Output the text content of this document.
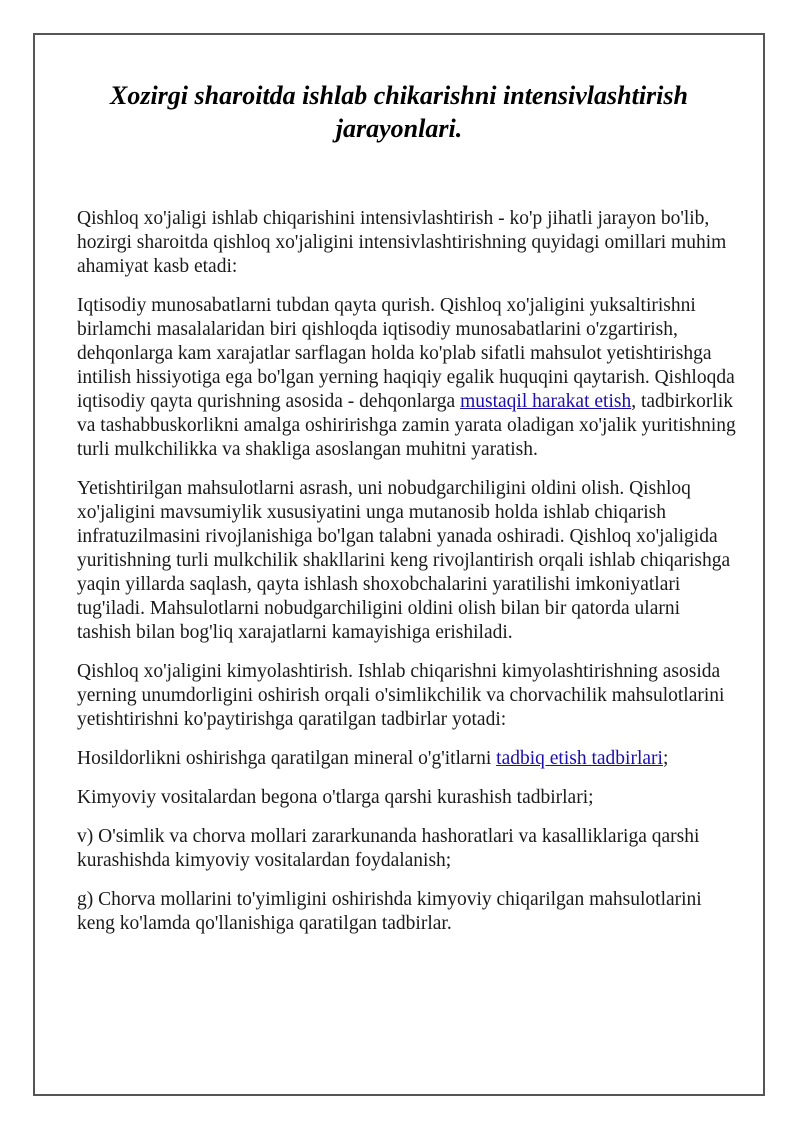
Xozirgi sharoitda ishlab chikarishni intensivlashtirish
jarayonlari.

Qishloq xo'jaligi ishlab chiqarishini intensivlashtirish - ko'p jihatli jarayon bo'lib, hozirgi sharoitda qishloq xo'jaligini intensivlashtirishning quyidagi omillari muhim ahamiyat kasb etadi:

Iqtisodiy munosabatlarni tubdan qayta qurish. Qishloq xo'jaligini yuksaltirishni birlamchi masalalaridan biri qishloqda iqtisodiy munosabatlarini o'zgartirish, dehqonlarga kam xarajatlar sarflagan holda ko'plab sifatli mahsulot yetishtirishga intilish hissiyotiga ega bo'lgan yerning haqiqiy egalik huquqini qaytarish. Qishloqda iqtisodiy qayta qurishning asosida - dehqonlarga mustaqil harakat etish, tadbirkorlik va tashabbuskorlikni amalga oshiririshga zamin yarata oladigan xo'jalik yuritishning turli mulkchilikka va shakliga asoslangan muhitni yaratish.

Yetishtirilgan mahsulotlarni asrash, uni nobudgarchiligini oldini olish. Qishloq xo'jaligini mavsumiylik xususiyatini unga mutanosib holda ishlab chiqarish infratuzilmasini rivojlanishiga bo'lgan talabni yanada oshiradi. Qishloq xo'jaligida yuritishning turli mulkchilik shakllarini keng rivojlantirish orqali ishlab chiqarishga yaqin yillarda saqlash, qayta ishlash shoxobchalarini yaratilishi imkoniyatlari tug'iladi. Mahsulotlarni nobudgarchiligini oldini olish bilan bir qatorda ularni tashish bilan bog'liq xarajatlarni kamayishiga erishiladi.

Qishloq xo'jaligini kimyolashtirish. Ishlab chiqarishni kimyolashtirishning asosida yerning unumdorligini oshirish orqali o'simlikchilik va chorvachilik mahsulotlarini yetishtirishni ko'paytirishga qaratilgan tadbirlar yotadi:

Hosildorlikni oshirishga qaratilgan mineral o'g'itlarni tadbiq etish tadbirlari;

Kimyoviy vositalardan begona o'tlarga qarshi kurashish tadbirlari;

v) O'simlik va chorva mollari zararkunanda hashoratlari va kasalliklariga qarshi kurashishda kimyoviy vositalardan foydalanish;

g) Chorva mollarini to'yimligini oshirishda kimyoviy chiqarilgan mahsulotlarini keng ko'lamda qo'llanishiga qaratilgan tadbirlar.
